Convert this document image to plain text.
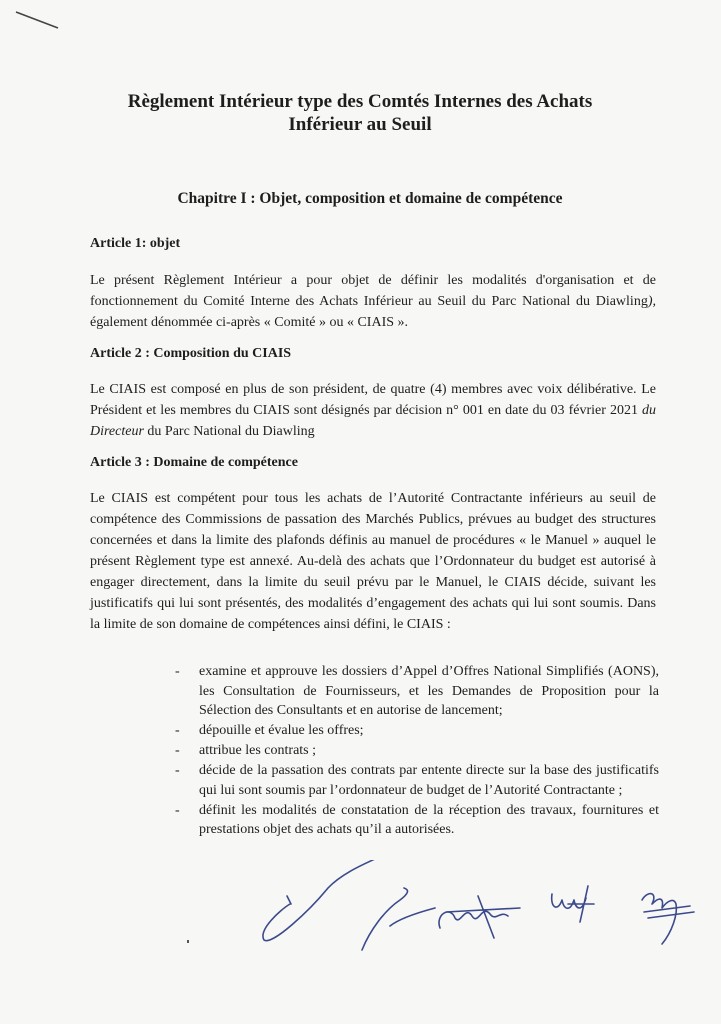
Règlement Intérieur type des Comtés Internes des Achats
Inférieur au Seuil
Chapitre I : Objet, composition et domaine de compétence
Article 1: objet
Le présent Règlement Intérieur a pour objet de définir les modalités d'organisation et de fonctionnement du Comité Interne des Achats Inférieur au Seuil du Parc National du Diawling), également dénommée ci-après « Comité » ou « CIAIS ».
Article 2 : Composition du CIAIS
Le CIAIS est composé en plus de son président, de quatre (4) membres avec voix délibérative. Le Président et les membres du CIAIS sont désignés par décision n° 001 en date du 03 février 2021 du Directeur du Parc National du Diawling
Article 3 : Domaine de compétence
Le CIAIS est compétent pour tous les achats de l’Autorité Contractante inférieurs au seuil de compétence des Commissions de passation des Marchés Publics, prévues au budget des structures concernées et dans la limite des plafonds définis au manuel de procédures « le Manuel » auquel le présent Règlement type est annexé. Au-delà des achats que l’Ordonnateur du budget est autorisé à engager directement, dans la limite du seuil prévu par le Manuel, le CIAIS décide, suivant les justificatifs qui lui sont présentés, des modalités d’engagement des achats qui lui sont soumis. Dans la limite de son domaine de compétences ainsi défini, le CIAIS :
- examine et approuve les dossiers d’Appel d’Offres National Simplifiés (AONS), les Consultation de Fournisseurs, et les Demandes de Proposition pour la Sélection des Consultants et en autorise de lancement;
- dépouille et évalue les offres;
- attribue les contrats ;
- décide de la passation des contrats par entente directe sur la base des justificatifs qui lui sont soumis par l’ordonnateur de budget de l’Autorité Contractante ;
- définit les modalités de constatation de la réception des travaux, fournitures et prestations objet des achats qu’il a autorisées.
